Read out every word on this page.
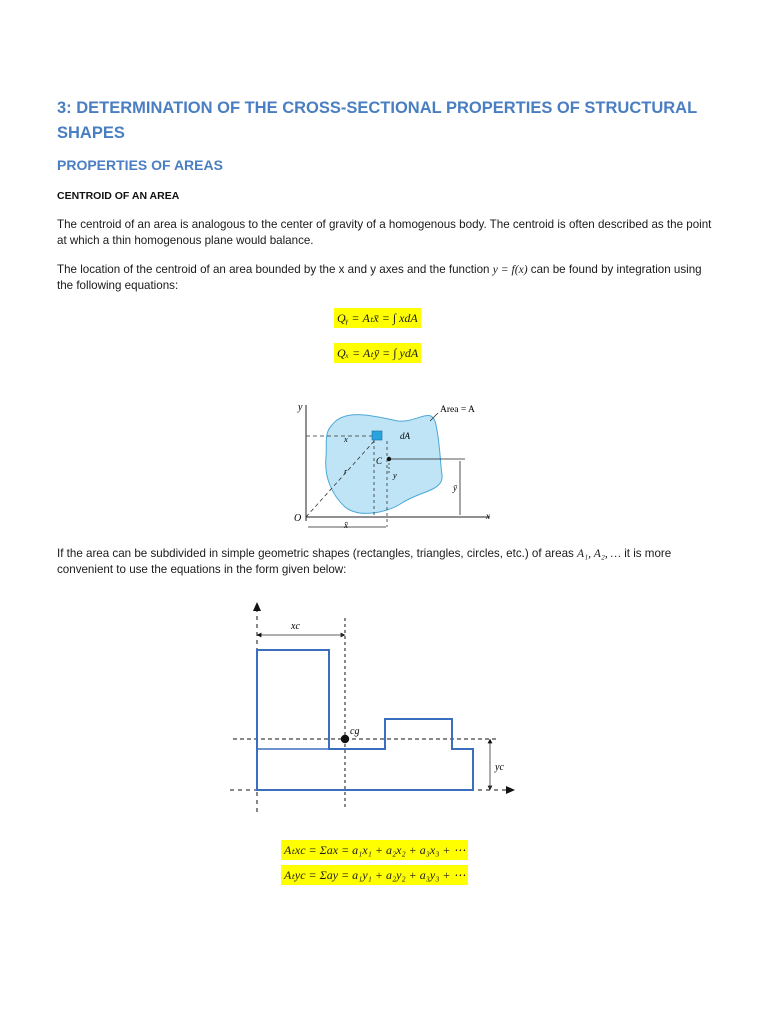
3: DETERMINATION OF THE CROSS-SECTIONAL PROPERTIES OF STRUCTURAL SHAPES
PROPERTIES OF AREAS
CENTROID OF AN AREA
The centroid of an area is analogous to the center of gravity of a homogenous body. The centroid is often described as the point at which a thin homogenous plane would balance.
The location of the centroid of an area bounded by the x and y axes and the function y = f(x) can be found by integration using the following equations:
Qᵧ = Aₜx̄ = ∫ xdA
Qₓ = Aₜȳ = ∫ ydA
y
x
O
Area = A
dA
C
x
y
r
x̄
ȳ
If the area can be subdivided in simple geometric shapes (rectangles, triangles, circles, etc.) of areas A₁, A₂, … it is more convenient to use the equations in the form given below:
xc
yc
cg
Aₜxc = Σax = a₁x₁ + a₂x₂ + a₃x₃ + ⋯
Aₜyc = Σay = a₁y₁ + a₂y₂ + a₃y₃ + ⋯
